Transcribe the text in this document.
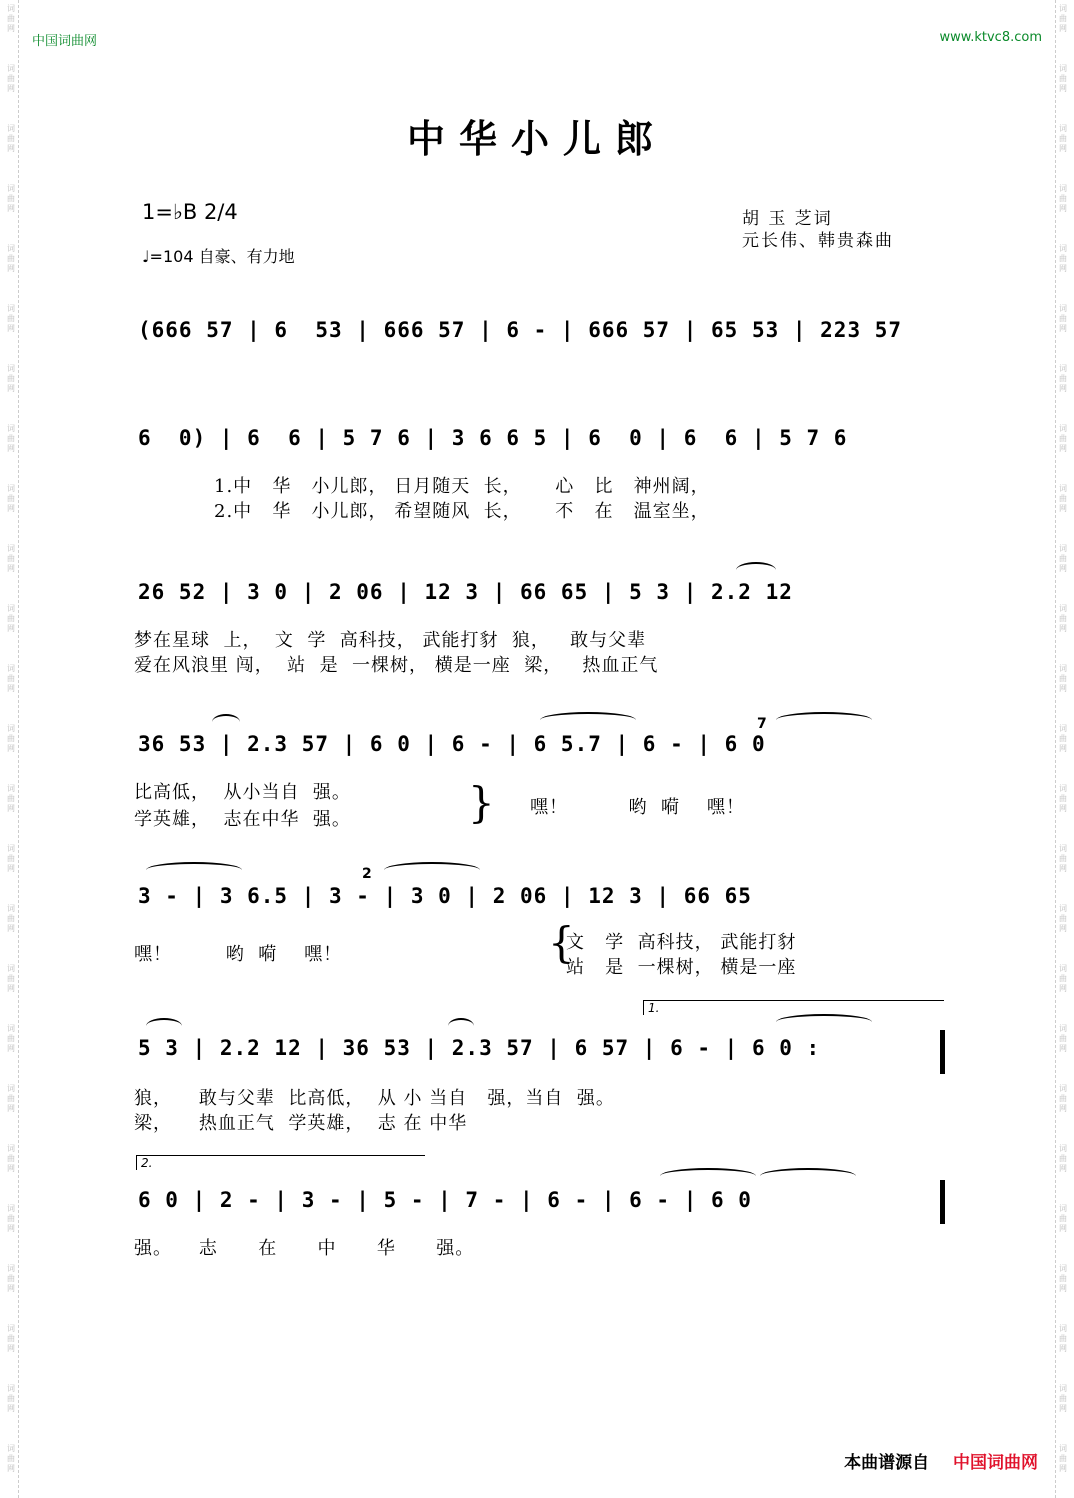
词
曲
网
词
曲
网
词
曲
网
词
曲
网
词
曲
网
词
曲
网
词
曲
网
词
曲
网
词
曲
网
词
曲
网
词
曲
网
词
曲
网
词
曲
网
词
曲
网
词
曲
网
词
曲
网
词
曲
网
词
曲
网
词
曲
网
词
曲
网
词
曲
网
词
曲
网
词
曲
网
词
曲
网
词
曲
网
词
曲
网
词
曲
网
词
曲
网
词
曲
网
词
曲
网
词
曲
网
词
曲
网
词
曲
网
词
曲
网
词
曲
网
词
曲
网
词
曲
网
词
曲
网
词
曲
网
词
曲
网
词
曲
网
词
曲
网
词
曲
网
词
曲
网
词
曲
网
词
曲
网
词
曲
网
词
曲
网
词
曲
网
词
曲
网
中国词曲网	www.ktvc8.com
中华小儿郎
1=♭B 2/4
♩=104 自豪、有力地
胡 玉 芝词
元长伟、韩贵森曲
(666 57 | 6  53 | 666 57 | 6 - | 666 57 | 65 53 | 223 57
6  0) | 6  6 | 5 7 6 | 3 6 6 5 | 6  0 | 6  6 | 5 7 6
1.中   华   小儿郎， 日月随天  长，     心   比   神州阔，
2.中   华   小儿郎， 希望随风  长，     不   在   温室坐，
26 52 | 3 0 | 2 06 | 12 3 | 66 65 | 5 3 | 2.2 12
梦在星球  上，  文  学  高科技， 武能打豺  狼，   敢与父辈
爱在风浪里 闯，  站  是  一棵树， 横是一座  梁，   热血正气
7
36 53 | 2.3 57 | 6 0 | 6 - | 6 5.7 | 6 - | 6 0
比高低，  从小当自  强。
学英雄，  志在中华  强。	} 嘿！         哟  嗬    嘿！
2
3 - | 3 6.5 | 3 - | 3 0 | 2 06 | 12 3 | 66 65
嘿！        哟  嗬    嘿！	{
文   学  高科技， 武能打豺
站   是  一棵树， 横是一座
1.
5 3 | 2.2 12 | 36 53 | 2.3 57 | 6 57 | 6 - | 6 0 :
狼，    敢与父辈  比高低，  从 小 当自   强，当自  强。
梁，    热血正气  学英雄，  志 在 中华
2.
6 0 | 2 - | 3 - | 5 - | 7 - | 6 - | 6 - | 6 0
强。    志      在      中      华      强。
本曲谱源自 中国词曲网
